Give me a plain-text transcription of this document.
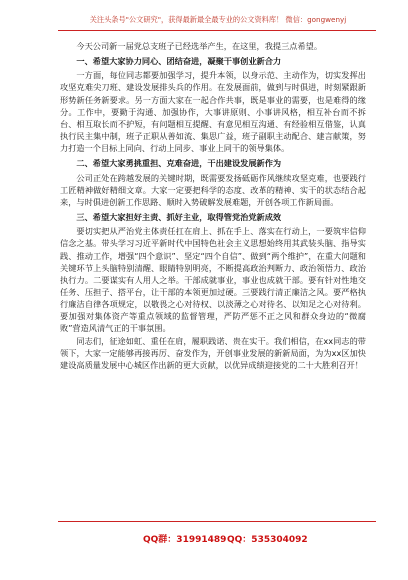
关注头条号"公文研究"，获得最新最全最专业的公文资料库！ 微信：gongwenyj

今天公司新一届党总支班子已经选举产生，在这里，我提三点希望。

一、希望大家协力同心、团结奋进，凝聚干事创业新合力

一方面，每位同志都要加强学习，提升本领，以身示范、主动作为，切实发挥出攻坚克难尖刀班、建设发展排头兵的作用。在发展面前，做到与时俱进，时刻紧跟新形势新任务新要求。另一方面大家在一起合作共事，既是事业的需要，也是难得的缘分。工作中，要勤于沟通、加强协作，大事讲原则、小事讲风格，相互补台而不拆台、相互取长而不护短，有问题相互提醒、有意见相互沟通、有经验相互借鉴，认真执行民主集中制，班子正职从善如流、集思广益，班子副职主动配合、建言献策，努力打造一个目标上同向、行动上同步、事业上同干的领导集体。

二、希望大家勇挑重担、克难奋进，干出建设发展新作为

公司正处在跨越发展的关键时期，既需要发扬砥砺作风继续攻坚克难，也要践行工匠精神做好精细文章。大家一定要把科学的态度、改革的精神、实干的状态结合起来，与时俱进创新工作思路、顺时入势破解发展难题，开创各项工作新局面。

三、希望大家担好主责、抓好主业，取得管党治党新成效

要切实把从严治党主体责任扛在肩上、抓在手上、落实在行动上，一要筑牢信仰信念之基。带头学习习近平新时代中国特色社会主义思想始终用其武装头脑、指导实践、推动工作，增强“四个意识”、坚定“四个自信”、做到“两个维护”，在重大问题和关键环节上头脑特别清醒、眼睛特别明亮，不断提高政治判断力、政治领悟力、政治执行力。二要谋实有人用人之举。干部成就事业，事业也成就干部。要有针对性地交任务、压担子、搭平台，让干部的本领更加过硬。三要践行清正廉洁之风。要严格执行廉洁自律各项规定，以敬畏之心对待权、以淡薄之心对待名、以知足之心对待利。要加强对集体资产等重点领域的监督管理，严防严惩不正之风和群众身边的“微腐败”营造风清气正的干事氛围。

同志们，征途如虹、重任在肩，履职践诺、贵在实干。我们相信，在xx同志的带领下，大家一定能够再接再厉、奋发作为，开创事业发展的新新局面，为为xx区加快建设高质量发展中心城区作出新的更大贡献，以优异成绩迎接党的二十大胜利召开！

QQ群：31991489 QQ：535304092
